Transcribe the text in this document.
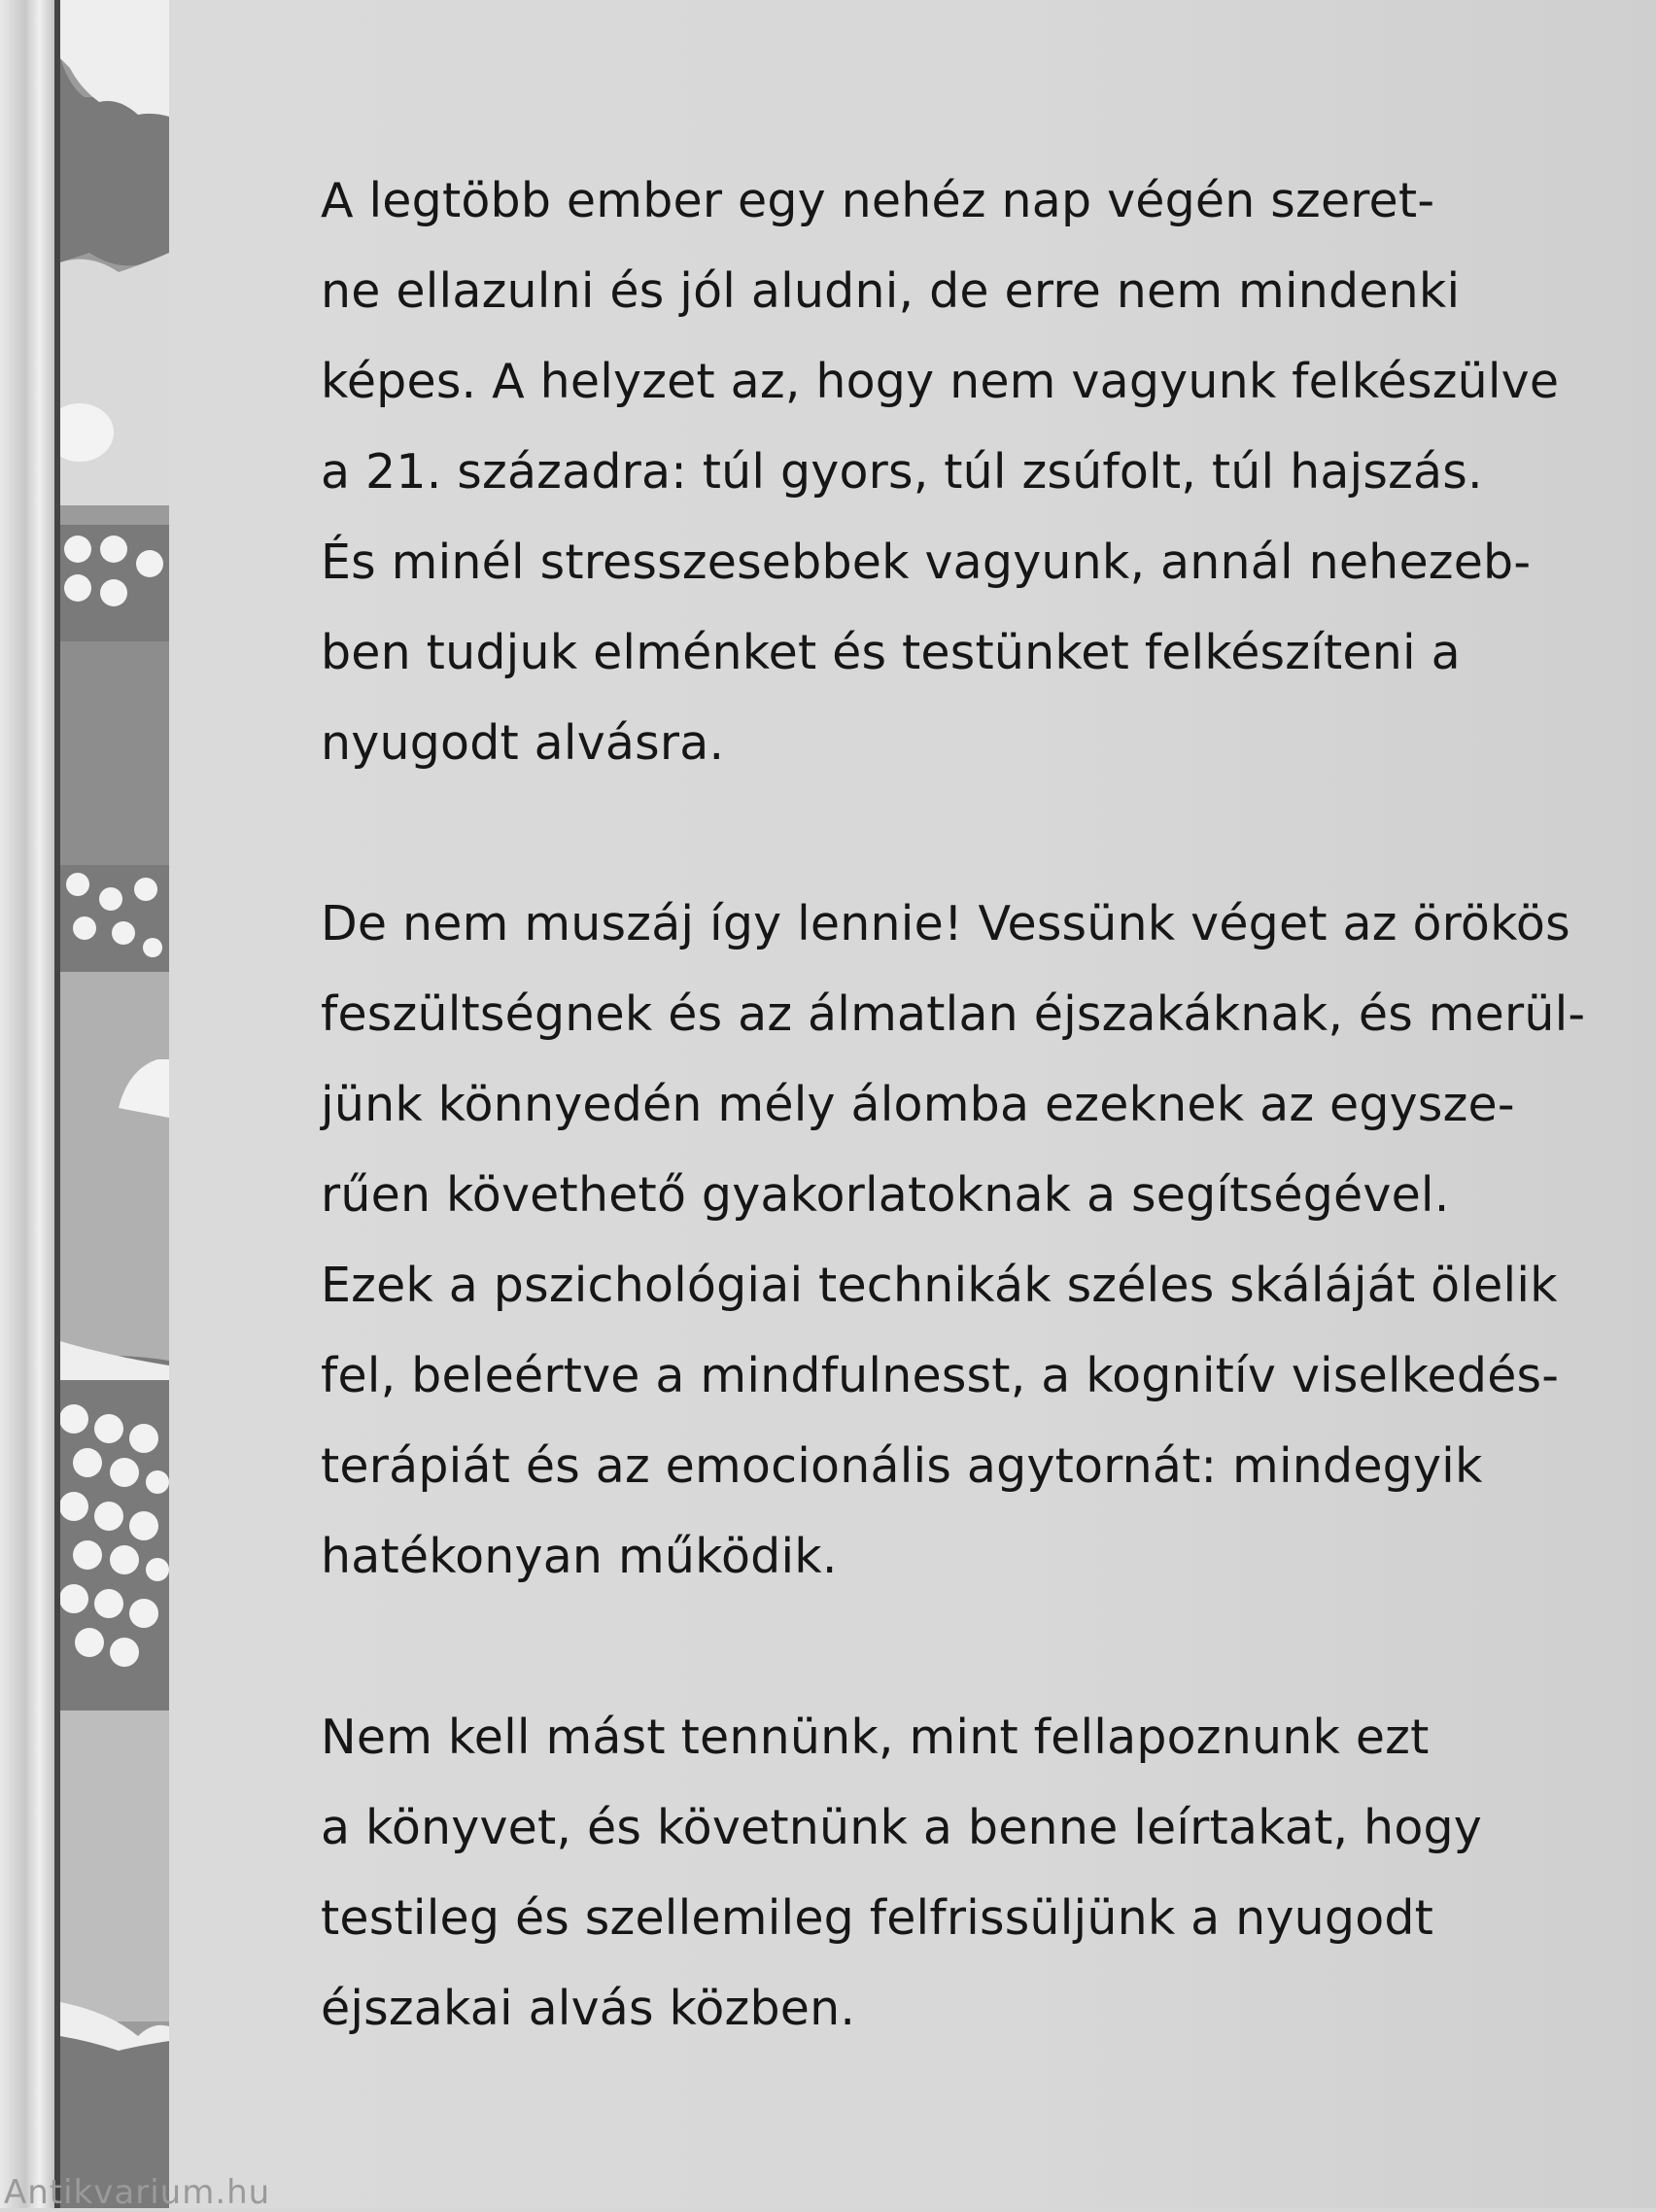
A legtöbb ember egy nehéz nap végén szeret-
ne ellazulni és jól aludni, de erre nem mindenki
képes. A helyzet az, hogy nem vagyunk felkészülve
a 21. századra: túl gyors, túl zsúfolt, túl hajszás.
És minél stresszesebbek vagyunk, annál nehezeb-
ben tudjuk elménket és testünket felkészíteni a
nyugodt alvásra.
De nem muszáj így lennie! Vessünk véget az örökös
feszültségnek és az álmatlan éjszakáknak, és merül-
jünk könnyedén mély álomba ezeknek az egysze-
rűen követhető gyakorlatoknak a segítségével.
Ezek a pszichológiai technikák széles skáláját ölelik
fel, beleértve a mindfulnesst, a kognitív viselkedés-
terápiát és az emocionális agytornát: mindegyik
hatékonyan működik.
Nem kell mást tennünk, mint fellapoznunk ezt
a könyvet, és követnünk a benne leírtakat, hogy
testileg és szellemileg felfrissüljünk a nyugodt
éjszakai alvás közben.
Antikvarium.hu
